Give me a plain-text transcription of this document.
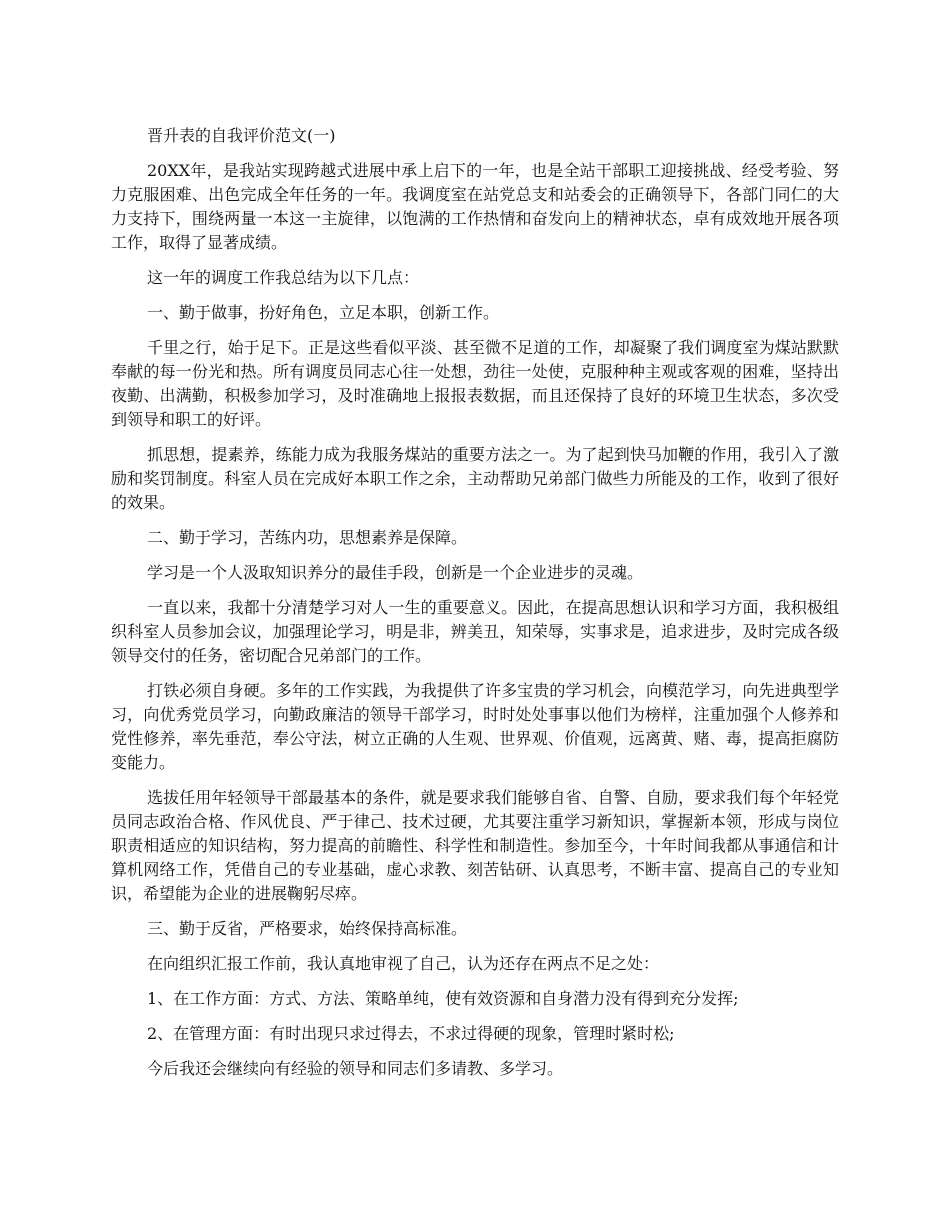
晋升表的自我评价范文(一)

20XX年，是我站实现跨越式进展中承上启下的一年，也是全站干部职工迎接挑战、经受考验、努力克服困难、出色完成全年任务的一年。我调度室在站党总支和站委会的正确领导下，各部门同仁的大力支持下，围绕两量一本这一主旋律，以饱满的工作热情和奋发向上的精神状态，卓有成效地开展各项工作，取得了显著成绩。

这一年的调度工作我总结为以下几点：

一、勤于做事，扮好角色，立足本职，创新工作。

千里之行，始于足下。正是这些看似平淡、甚至微不足道的工作，却凝聚了我们调度室为煤站默默奉献的每一份光和热。所有调度员同志心往一处想，劲往一处使，克服种种主观或客观的困难，坚持出夜勤、出满勤，积极参加学习，及时准确地上报报表数据，而且还保持了良好的环境卫生状态，多次受到领导和职工的好评。

抓思想，提素养，练能力成为我服务煤站的重要方法之一。为了起到快马加鞭的作用，我引入了激励和奖罚制度。科室人员在完成好本职工作之余，主动帮助兄弟部门做些力所能及的工作，收到了很好的效果。

二、勤于学习，苦练内功，思想素养是保障。

学习是一个人汲取知识养分的最佳手段，创新是一个企业进步的灵魂。

一直以来，我都十分清楚学习对人一生的重要意义。因此，在提高思想认识和学习方面，我积极组织科室人员参加会议，加强理论学习，明是非，辨美丑，知荣辱，实事求是，追求进步，及时完成各级领导交付的任务，密切配合兄弟部门的工作。

打铁必须自身硬。多年的工作实践，为我提供了许多宝贵的学习机会，向模范学习，向先进典型学习，向优秀党员学习，向勤政廉洁的领导干部学习，时时处处事事以他们为榜样，注重加强个人修养和党性修养，率先垂范，奉公守法，树立正确的人生观、世界观、价值观，远离黄、赌、毒，提高拒腐防变能力。

选拔任用年轻领导干部最基本的条件，就是要求我们能够自省、自警、自励，要求我们每个年轻党员同志政治合格、作风优良、严于律己、技术过硬，尤其要注重学习新知识，掌握新本领，形成与岗位职责相适应的知识结构，努力提高的前瞻性、科学性和制造性。参加至今，十年时间我都从事通信和计算机网络工作，凭借自己的专业基础，虚心求教、刻苦钻研、认真思考，不断丰富、提高自己的专业知识，希望能为企业的进展鞠躬尽瘁。

三、勤于反省，严格要求，始终保持高标准。

在向组织汇报工作前，我认真地审视了自己，认为还存在两点不足之处：

1、在工作方面：方式、方法、策略单纯，使有效资源和自身潜力没有得到充分发挥;

2、在管理方面：有时出现只求过得去，不求过得硬的现象，管理时紧时松;

今后我还会继续向有经验的领导和同志们多请教、多学习。
